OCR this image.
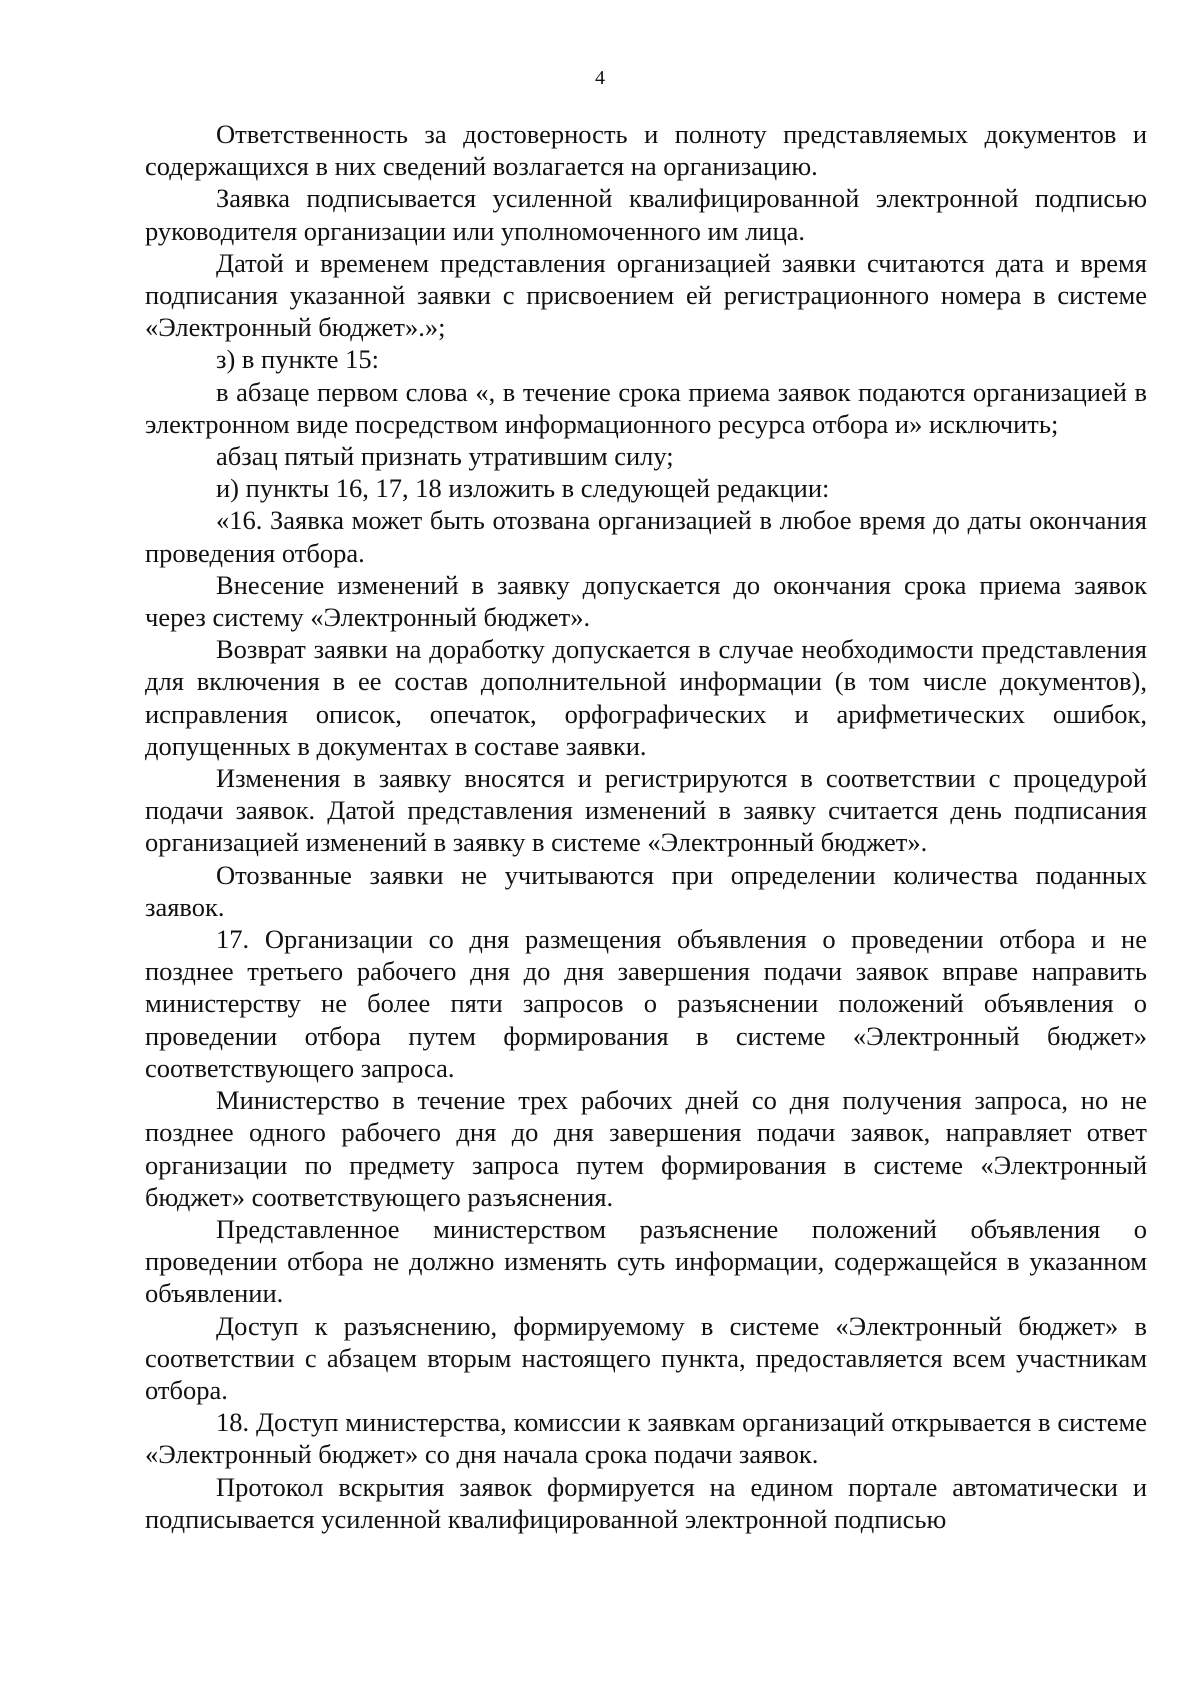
4

Ответственность за достоверность и полноту представляемых документов и содержащихся в них сведений возлагается на организацию.

Заявка подписывается усиленной квалифицированной электронной подписью руководителя организации или уполномоченного им лица.

Датой и временем представления организацией заявки считаются дата и время подписания указанной заявки с присвоением ей регистрационного номера в системе «Электронный бюджет».»;

з) в пункте 15:

в абзаце первом слова «, в течение срока приема заявок подаются организацией в электронном виде посредством информационного ресурса отбора и» исключить;

абзац пятый признать утратившим силу;

и) пункты 16, 17, 18 изложить в следующей редакции:

«16. Заявка может быть отозвана организацией в любое время до даты окончания проведения отбора.

Внесение изменений в заявку допускается до окончания срока приема заявок через систему «Электронный бюджет».

Возврат заявки на доработку допускается в случае необходимости представления для включения в ее состав дополнительной информации (в том числе документов), исправления описок, опечаток, орфографических и арифметических ошибок, допущенных в документах в составе заявки.

Изменения в заявку вносятся и регистрируются в соответствии с процедурой подачи заявок. Датой представления изменений в заявку считается день подписания организацией изменений в заявку в системе «Электронный бюджет».

Отозванные заявки не учитываются при определении количества поданных заявок.

17. Организации со дня размещения объявления о проведении отбора и не позднее третьего рабочего дня до дня завершения подачи заявок вправе направить министерству не более пяти запросов о разъяснении положений объявления о проведении отбора путем формирования в системе «Электронный бюджет» соответствующего запроса.

Министерство в течение трех рабочих дней со дня получения запроса, но не позднее одного рабочего дня до дня завершения подачи заявок, направляет ответ организации по предмету запроса путем формирования в системе «Электронный бюджет» соответствующего разъяснения.

Представленное министерством разъяснение положений объявления о проведении отбора не должно изменять суть информации, содержащейся в указанном объявлении.

Доступ к разъяснению, формируемому в системе «Электронный бюджет» в соответствии с абзацем вторым настоящего пункта, предоставляется всем участникам отбора.

18. Доступ министерства, комиссии к заявкам организаций открывается в системе «Электронный бюджет» со дня начала срока подачи заявок.

Протокол вскрытия заявок формируется на едином портале автоматически и подписывается усиленной квалифицированной электронной подписью
